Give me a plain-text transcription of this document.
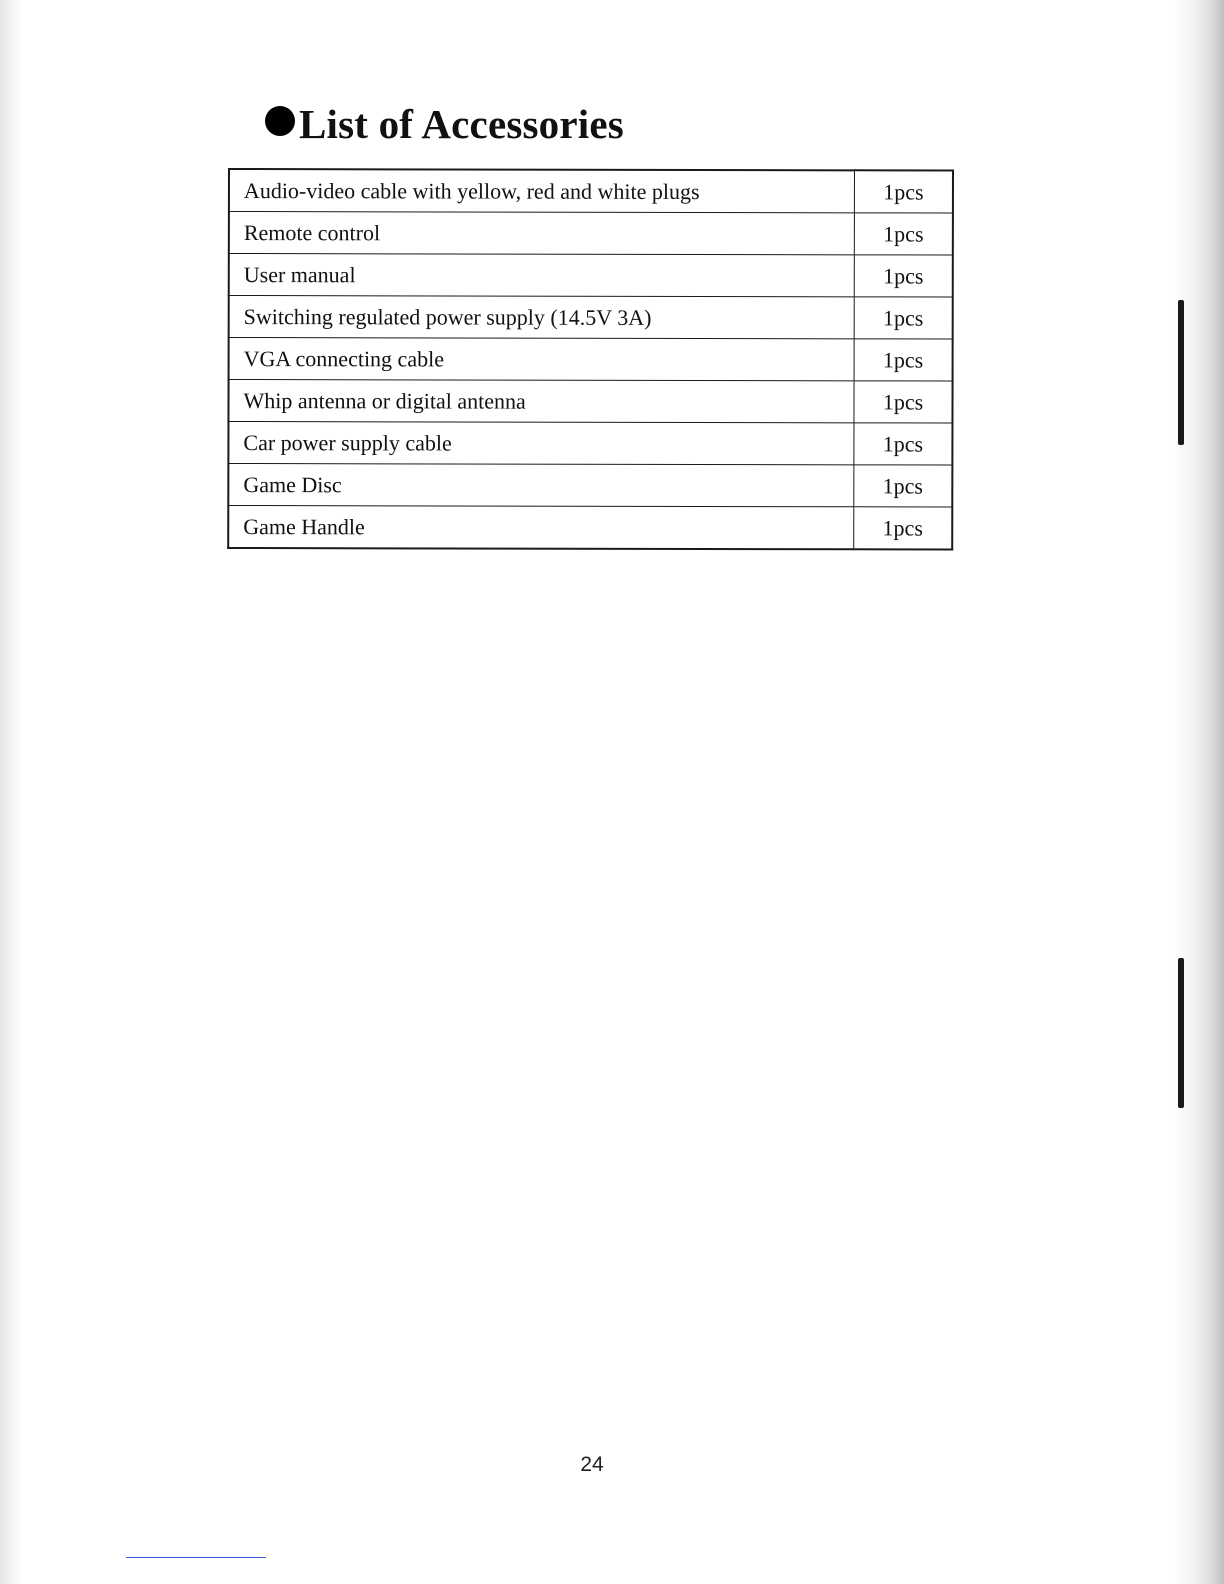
List of Accessories
Audio-video cable with yellow, red and white plugs	1pcs
Remote control	1pcs
User manual	1pcs
Switching regulated power supply (14.5V 3A)	1pcs
VGA connecting cable	1pcs
Whip antenna or digital antenna	1pcs
Car power supply cable	1pcs
Game Disc	1pcs
Game Handle	1pcs
24
